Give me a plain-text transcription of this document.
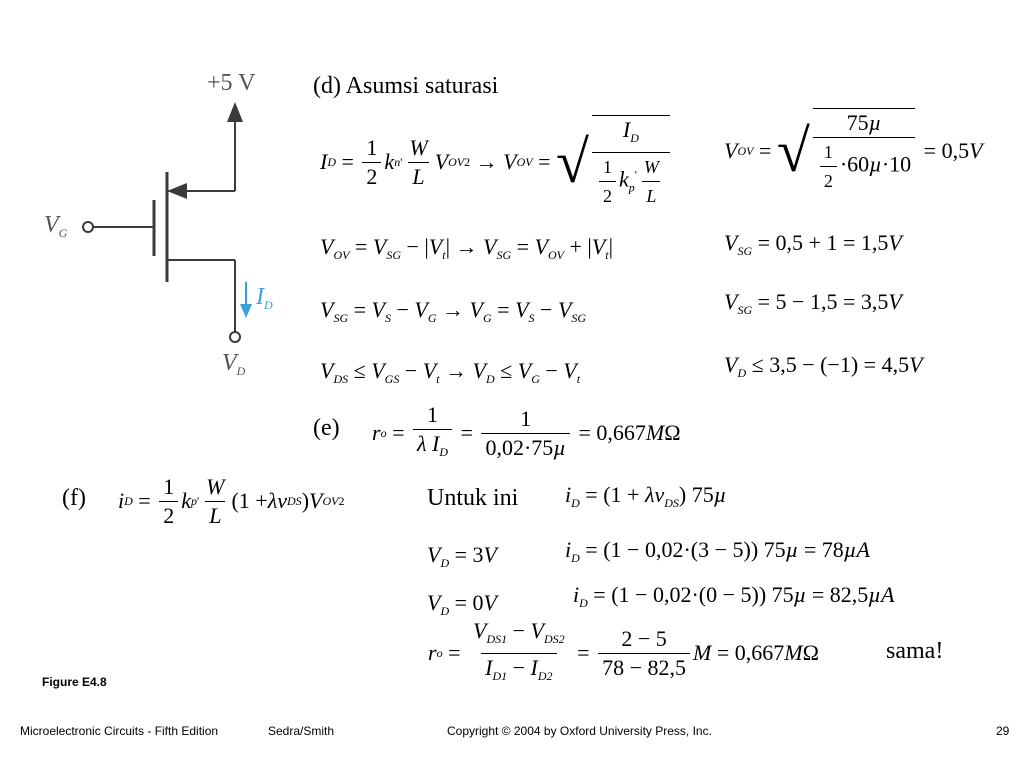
+5 V
$V_G$
$I_D$
$V_D$
Figure E4.8
(d) Asumsi saturasi
I $D = \frac{1}{2}$ k n ' $\frac{W}{L}$ V OV 2 → V OV = √ $\frac{I_D}{\frac{1}{2} k_p' \frac{W}{L}}$ V OV = √ $\frac{\text{75µ}}{\frac{1}{2} \cdot 60\mu\cdot 10} = 0,5$ V
$V_{OV} = V_{SG} - |V_t| \to V_{SG} = V_{OV} + |V_t|$	$V_{SG} = 0,5 + 1 = 1,5V$
$V_{SG} = V_S - V_G \to V_G = V_S - V_{SG}$
$V_{SG} = 5 - 1,5 = 3,5V$
$V_{DS} \le V_{GS} - V_t \to V_D \le V_G - V_t$
$V_D \le 3,5 - (-1) = 4,5V$
(e) r $o = \frac{1}{\lambda I_D} = \frac{1}{\text{0,02·75µ}} = 0,667$ M Ω
(f) i $D = \frac{1}{2}$ k p ' $\frac{W}{L} (1 + \lambda v$ DS ) V OV 2	Untuk ini $i_D = (1 + \lambda v_{DS})$ 75µ
$V_D = 3V$	$i_D = (1 - 0,02\cdot(3 - 5)) 75\mu = 78\mu A$
$V_D = 0V$	$i_D = (1 - 0,02\cdot(0 - 5)) 75\mu = 82,5\mu A$
r $o = \frac{V_{DS1} - V_{DS2}}{I_{D1} - I_{D2}} = \frac{2 - 5}{78 - 82,5}$ M = 0,667 M Ω	sama!
Microelectronic Circuits - Fifth Edition	Sedra/Smith	Copyright © 2004 by Oxford University Press, Inc.	29
